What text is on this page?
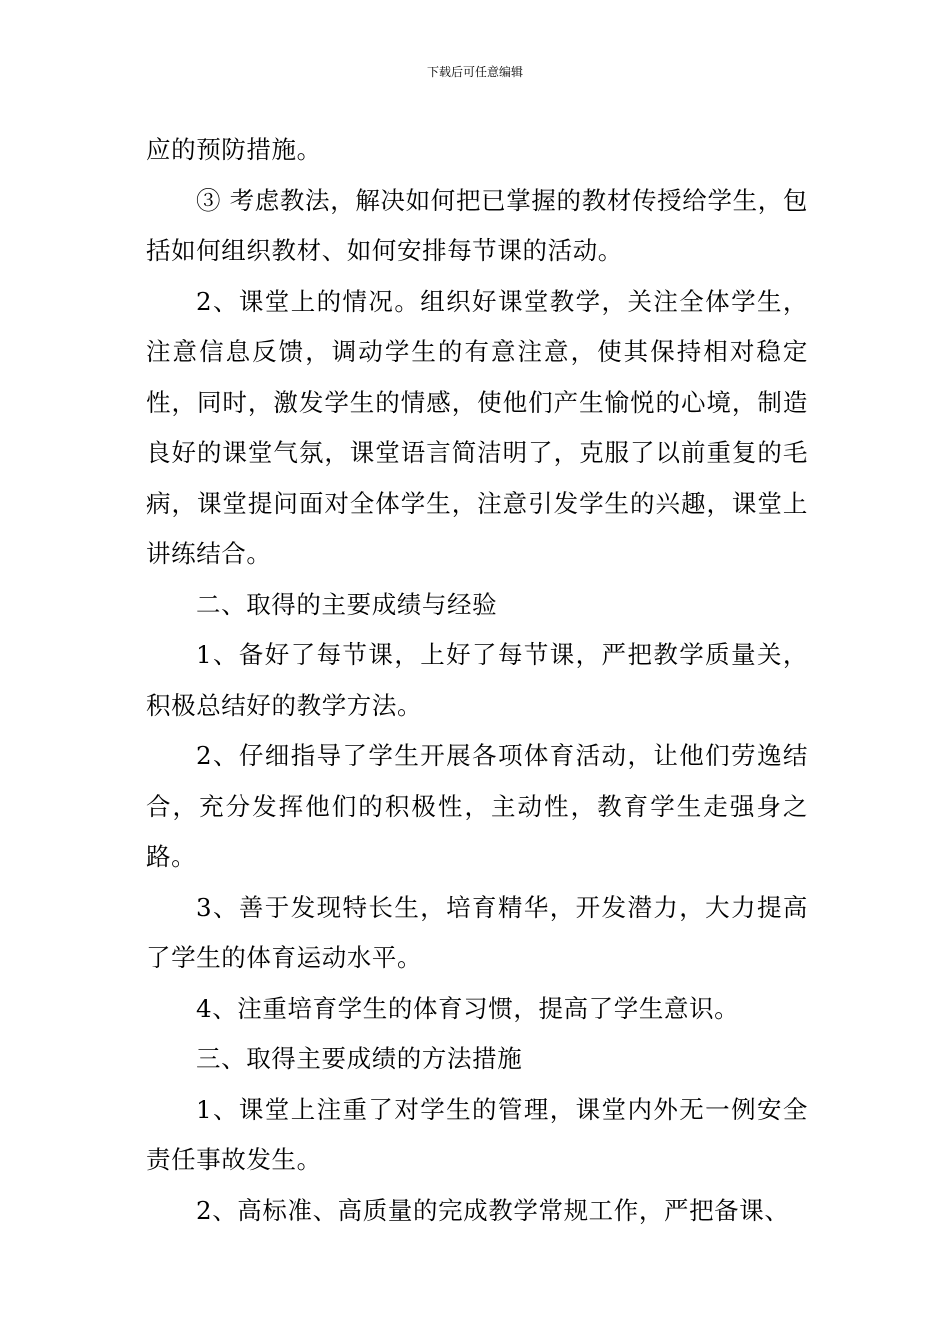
下载后可任意编辑

应的预防措施。

③ 考虑教法，解决如何把已掌握的教材传授给学生，包括如何组织教材、如何安排每节课的活动。

2、课堂上的情况。组织好课堂教学，关注全体学生，注意信息反馈，调动学生的有意注意，使其保持相对稳定性，同时，激发学生的情感，使他们产生愉悦的心境，制造良好的课堂气氛，课堂语言简洁明了，克服了以前重复的毛病，课堂提问面对全体学生，注意引发学生的兴趣，课堂上讲练结合。

二、取得的主要成绩与经验

1、备好了每节课，上好了每节课，严把教学质量关，积极总结好的教学方法。

2、仔细指导了学生开展各项体育活动，让他们劳逸结合，充分发挥他们的积极性，主动性，教育学生走强身之路。

3、善于发现特长生，培育精华，开发潜力，大力提高了学生的体育运动水平。

4、注重培育学生的体育习惯，提高了学生意识。

三、取得主要成绩的方法措施

1、课堂上注重了对学生的管理，课堂内外无一例安全责任事故发生。

2、高标准、高质量的完成教学常规工作，严把备课、
